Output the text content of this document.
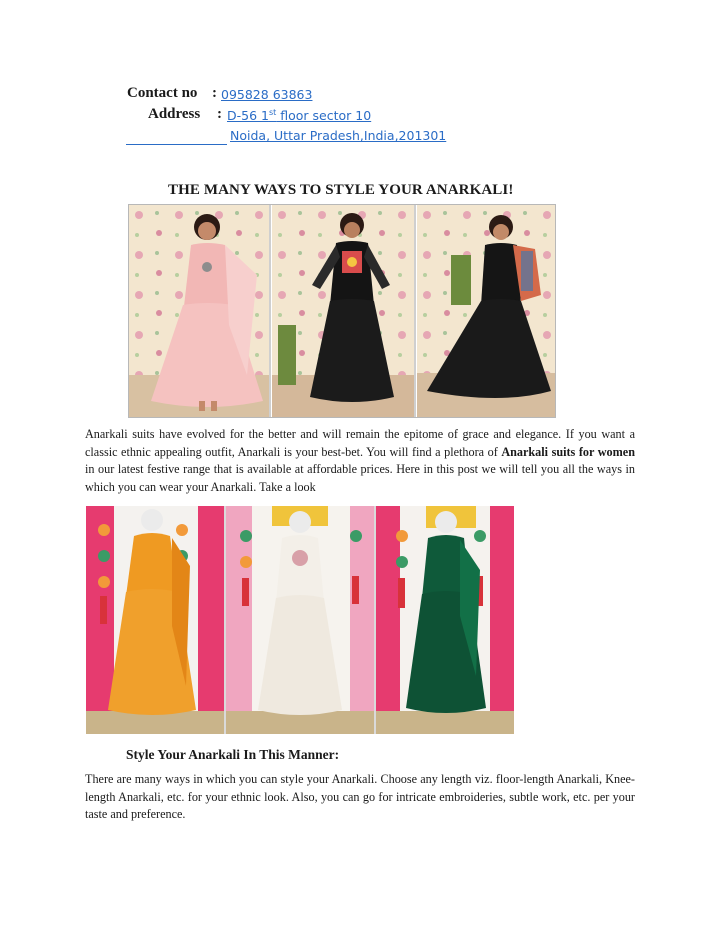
Contact no : 095828 63863
Address : D-56 1st floor sector 10
Noida, Uttar Pradesh,India,201301
THE MANY WAYS TO STYLE YOUR ANARKALI!
Anarkali suits have evolved for the better and will remain the epitome of grace and elegance. If you want a classic ethnic appealing outfit, Anarkali is your best-bet. You will find a plethora of Anarkali suits for women in our latest festive range that is available at affordable prices. Here in this post we will tell you all the ways in which you can wear your Anarkali. Take a look
Style Your Anarkali In This Manner:
There are many ways in which you can style your Anarkali. Choose any length viz. floor-length Anarkali, Knee-length Anarkali, etc. for your ethnic look. Also, you can go for intricate embroideries, subtle work, etc. per your taste and preference.
